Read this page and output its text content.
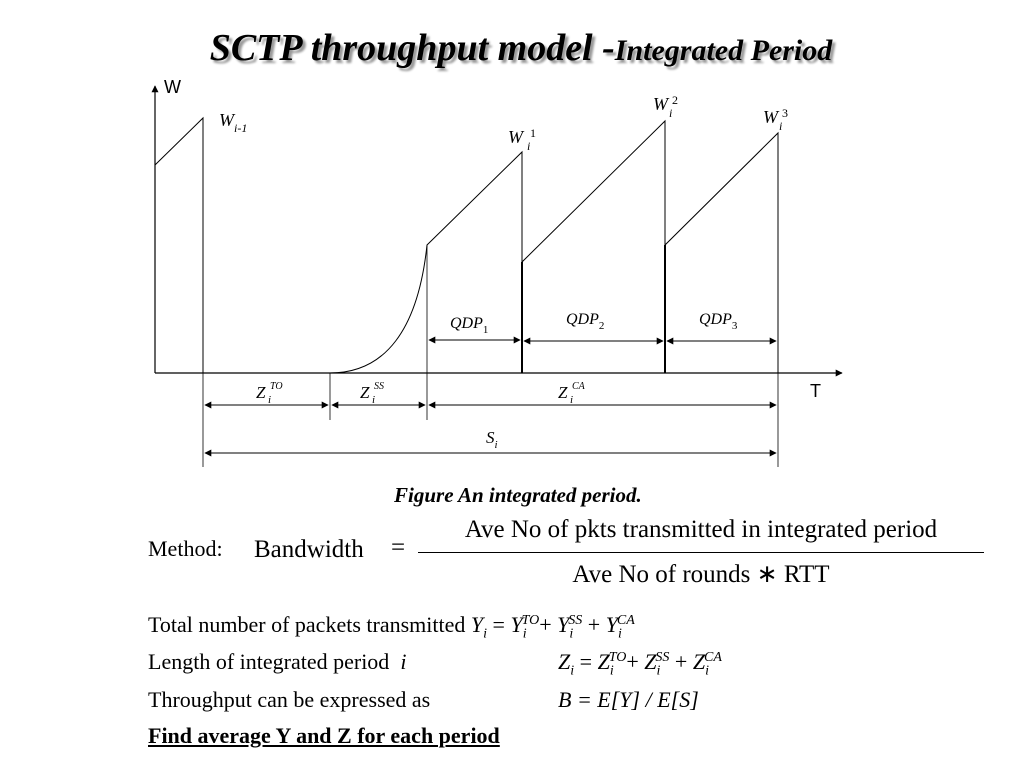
SCTP throughput model -Integrated Period
W
T
$W_{i-1}$	Wi1
Wi2
Wi3
$QDP_1$
$QDP_2$	$QDP_3$
ZiTO	ZiSS	ZiCA
$S_i$
Figure An integrated period.
Method: Bandwidth =
Ave No of pkts transmitted in integrated period
Ave No of rounds ∗ RTT
Total number of packets transmitted $Y_i = Y_i^{TO}+ Y_i^{SS} + Y_i^{CA}$
Length of integrated period i	$Z_i = Z_i^{TO}+ Z_i^{SS} + Z_i^{CA}$
Throughput can be expressed as	B = E[Y] / E[S]
Find average Y and Z for each period
